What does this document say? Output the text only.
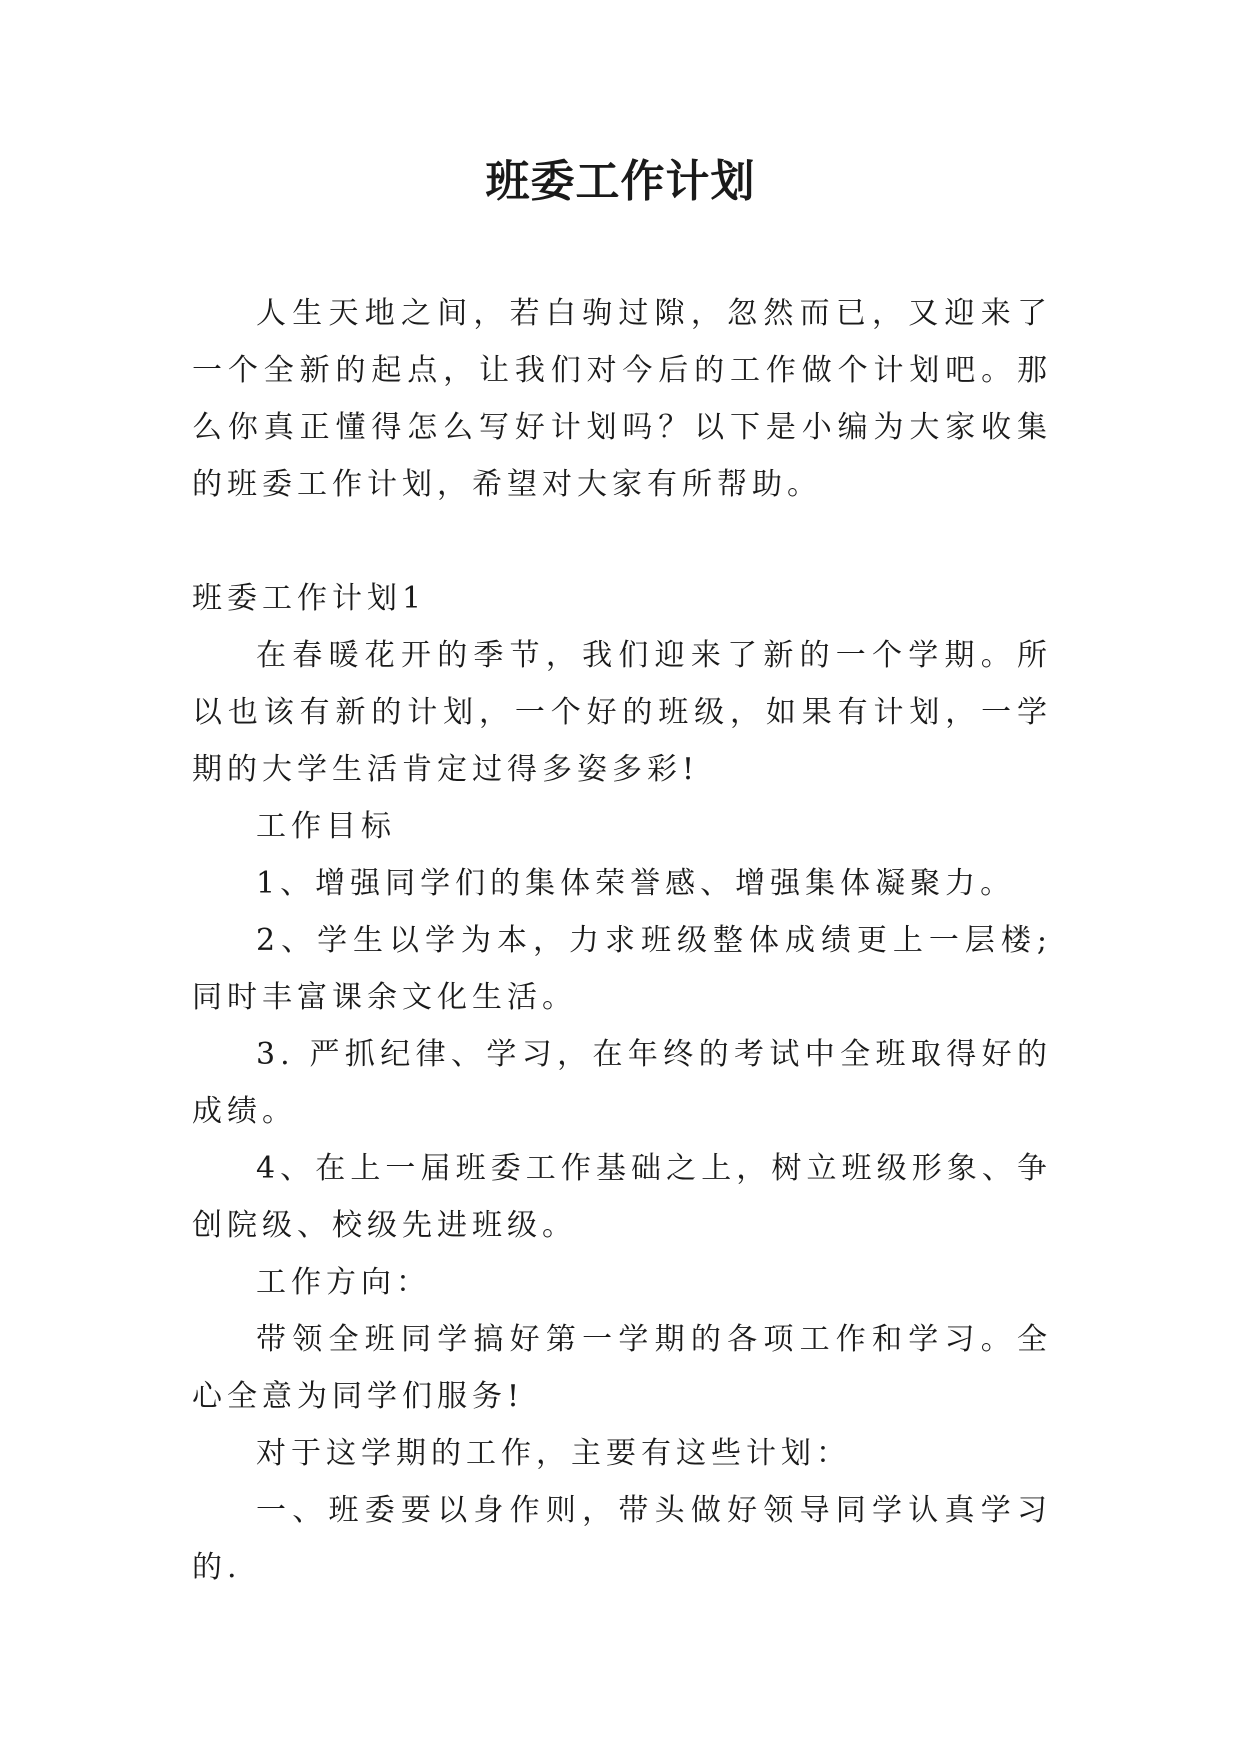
班委工作计划

人生天地之间，若白驹过隙，忽然而已，又迎来了一个全新的起点，让我们对今后的工作做个计划吧。那么你真正懂得怎么写好计划吗？以下是小编为大家收集的班委工作计划，希望对大家有所帮助。

班委工作计划1

在春暖花开的季节，我们迎来了新的一个学期。所以也该有新的计划，一个好的班级，如果有计划，一学期的大学生活肯定过得多姿多彩!

工作目标

1、增强同学们的集体荣誉感、增强集体凝聚力。

2、学生以学为本，力求班级整体成绩更上一层楼;同时丰富课余文化生活。

3. 严抓纪律、学习，在年终的考试中全班取得好的成绩。

4、在上一届班委工作基础之上，树立班级形象、争创院级、校级先进班级。

工作方向：

带领全班同学搞好第一学期的各项工作和学习。全心全意为同学们服务!

对于这学期的工作，主要有这些计划：

一、班委要以身作则，带头做好领导同学认真学习的.
